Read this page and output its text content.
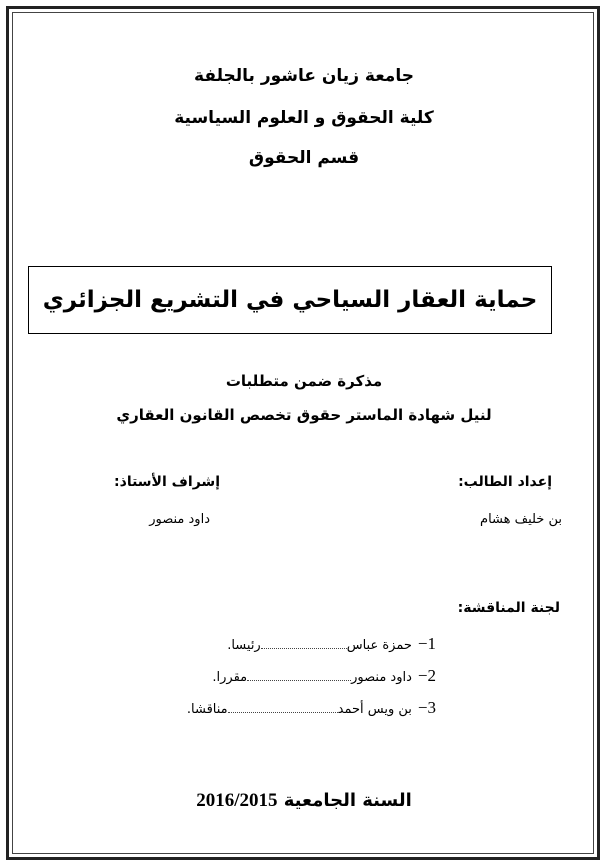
جامعة زيان عاشور بالجلفة
كلية الحقوق و العلوم السياسية
قسم الحقوق
حماية العقار السياحي في التشريع الجزائري
مذكرة ضمن متطلبات
لنيل شهادة الماستر حقوق تخصص القانون العقاري
إعداد الطالب:
بن خليف هشام
إشراف الأستاذ:
داود منصور
لجنة المناقشة:
1−
حمزة عباس
رئيسا.
2−
داود منصور
مقررا.
3−
بن ويس أحمد
مناقشا.
السنة الجامعية 2016/2015
